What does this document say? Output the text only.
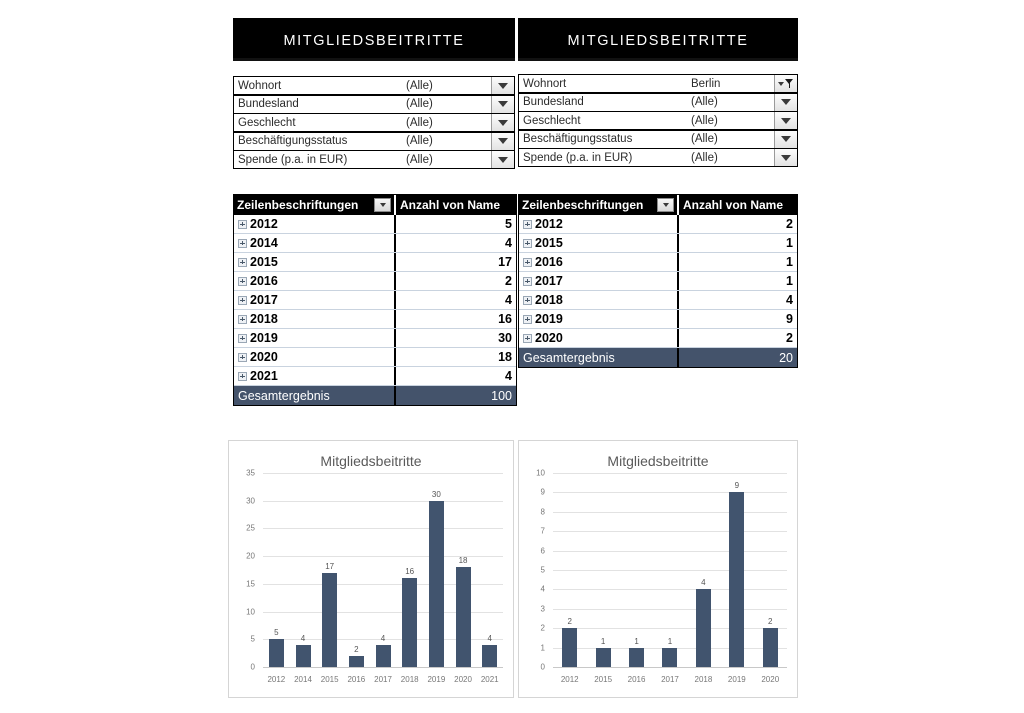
MITGLIEDSBEITRITTE
Wohnort	(Alle)
Bundesland	(Alle)
Geschlecht	(Alle)
Beschäftigungsstatus	(Alle)
Spende (p.a. in EUR)	(Alle)
Zeilenbeschriftungen	Anzahl von Name
2012	5
2014	4
2015	17
2016	2
2017	4
2018	16
2019	30
2020	18
2021	4
Gesamtergebnis	100
Mitgliedsbeitritte
35
30
25
20
15
10
5
0
5
4
17
2
4
16
30
18
4
2012	2014	2015	2016	2017	2018	2019	2020	2021
MITGLIEDSBEITRITTE
Wohnort	Berlin
Bundesland	(Alle)
Geschlecht	(Alle)
Beschäftigungsstatus	(Alle)
Spende (p.a. in EUR)	(Alle)
Zeilenbeschriftungen	Anzahl von Name
2012	2
2015	1
2016	1
2017	1
2018	4
2019	9
2020	2
Gesamtergebnis	20
Mitgliedsbeitritte
10
9
8
7
6
5
4
3
2
1
0
2
1	1	1
4
9
2
2012	2015	2016	2017	2018	2019	2020
